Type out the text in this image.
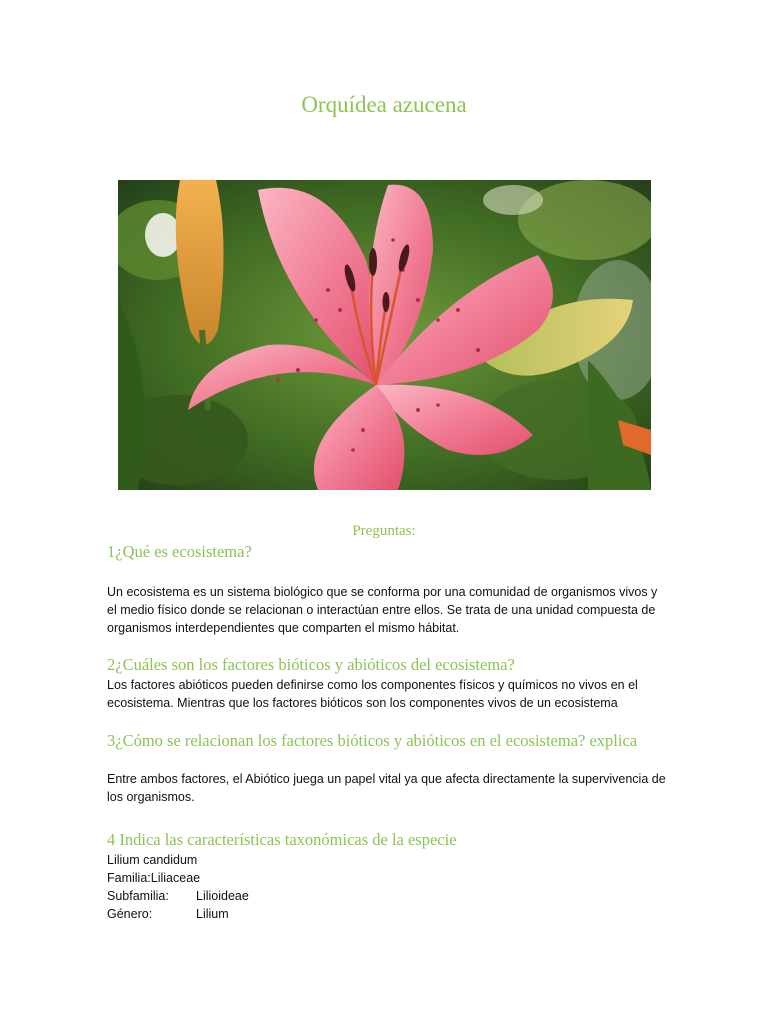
Orquídea azucena
Preguntas:
1¿Qué es ecosistema?

Un ecosistema es un sistema biológico que se conforma por una comunidad de organismos vivos y el medio físico donde se relacionan o interactúan entre ellos. Se trata de una unidad compuesta de organismos interdependientes que comparten el mismo hábitat.

2¿Cuáles son los factores bióticos y abióticos del ecosistema?

Los factores abióticos pueden definirse como los componentes físicos y químicos no vivos en el ecosistema. Mientras que los factores bióticos son los componentes vivos de un ecosistema

3¿Cómo se relacionan los factores bióticos y abióticos en el ecosistema? explica

Entre ambos factores, el Abiótico juega un papel vital ya que afecta directamente la supervivencia de los organismos.

4 Indica las características taxonómicas de la especie
Lilium candidum
Familia:Liliaceae
Subfamilia: Lilioideae
Género:	Lilium
